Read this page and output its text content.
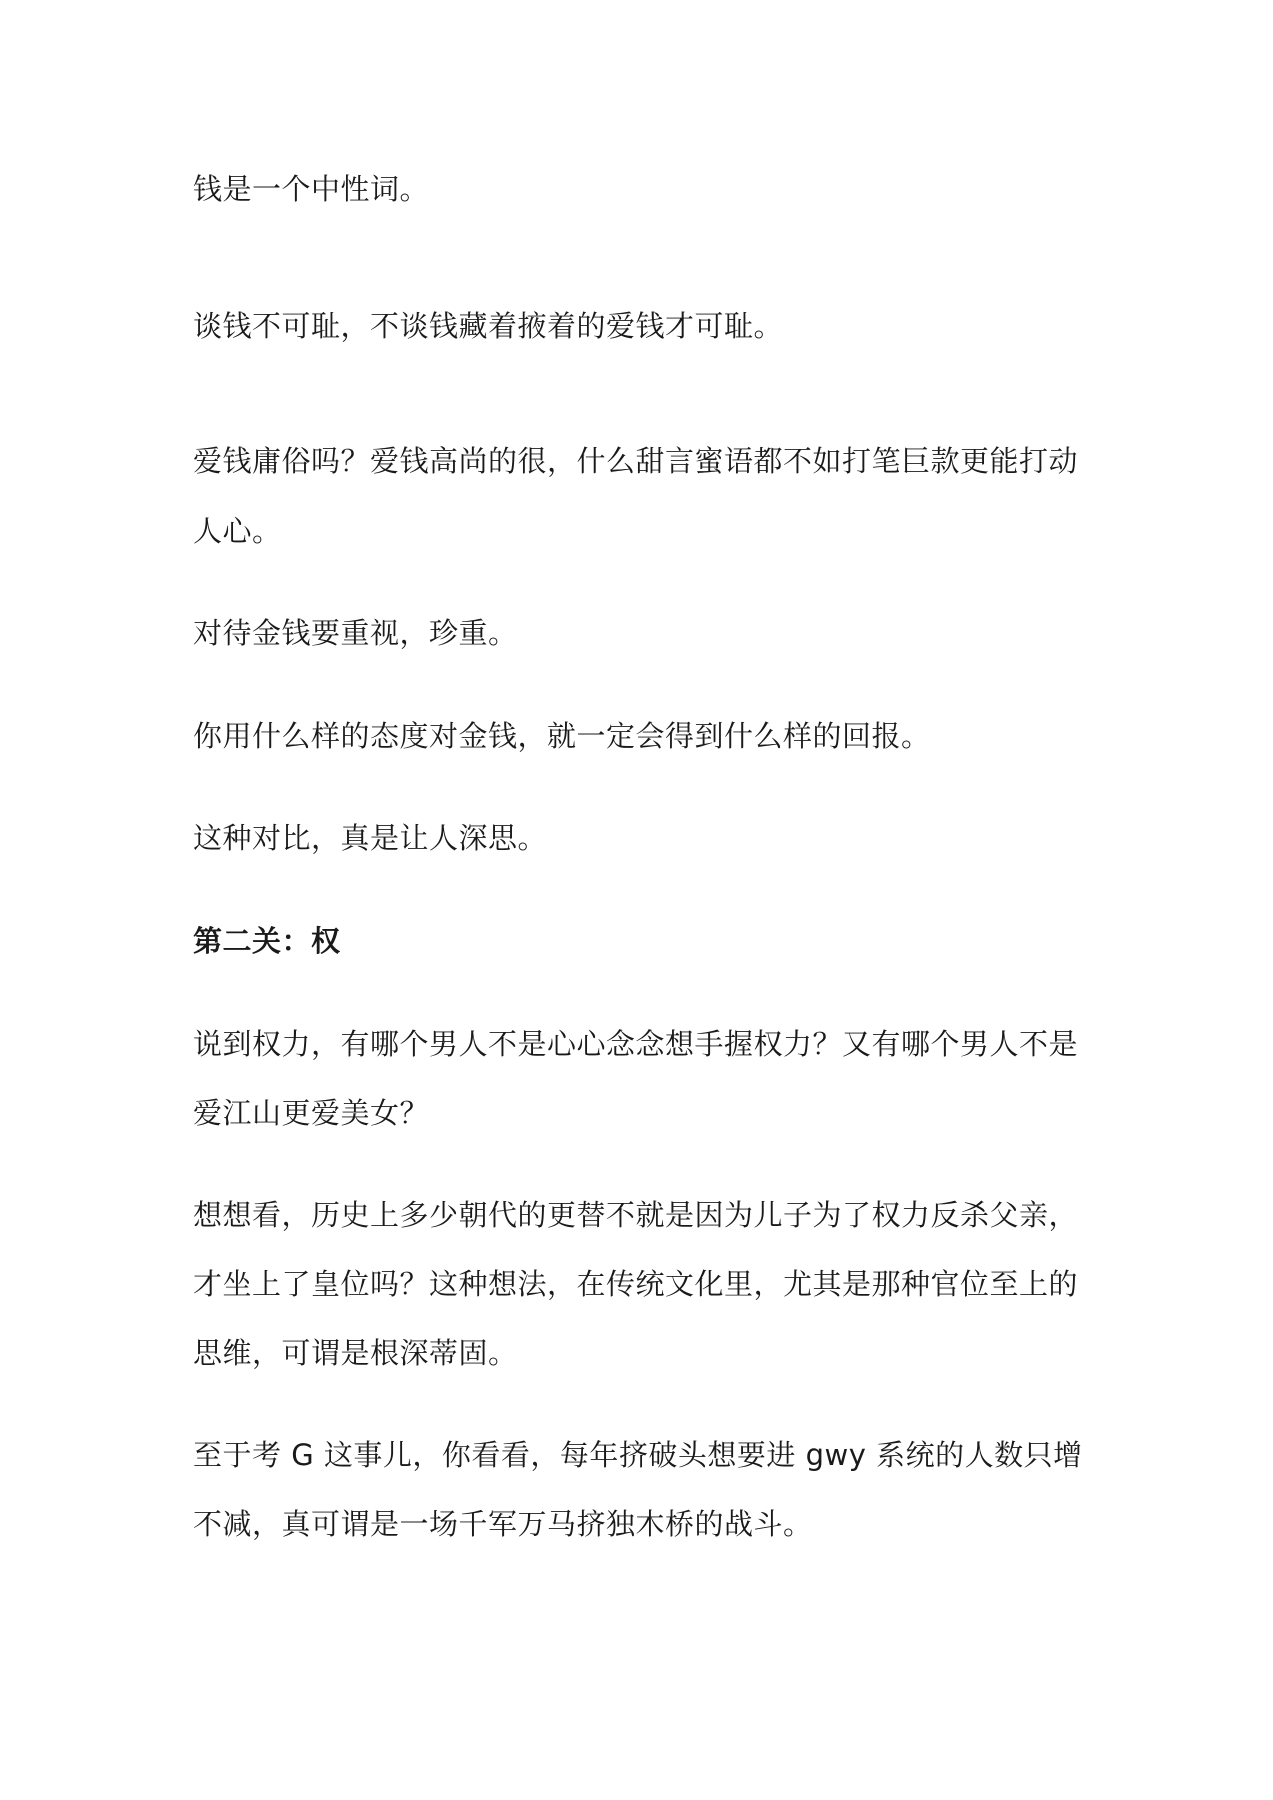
钱是一个中性词。
谈钱不可耻，不谈钱藏着掖着的爱钱才可耻。
爱钱庸俗吗？爱钱高尚的很，什么甜言蜜语都不如打笔巨款更能打动
人心。
对待金钱要重视，珍重。
你用什么样的态度对金钱，就一定会得到什么样的回报。
这种对比，真是让人深思。
第二关：权
说到权力，有哪个男人不是心心念念想手握权力？又有哪个男人不是
爱江山更爱美女？
想想看，历史上多少朝代的更替不就是因为儿子为了权力反杀父亲，
才坐上了皇位吗？这种想法，在传统文化里，尤其是那种官位至上的
思维，可谓是根深蒂固。
至于考 G 这事儿，你看看，每年挤破头想要进 gwy 系统的人数只增
不减，真可谓是一场千军万马挤独木桥的战斗。
